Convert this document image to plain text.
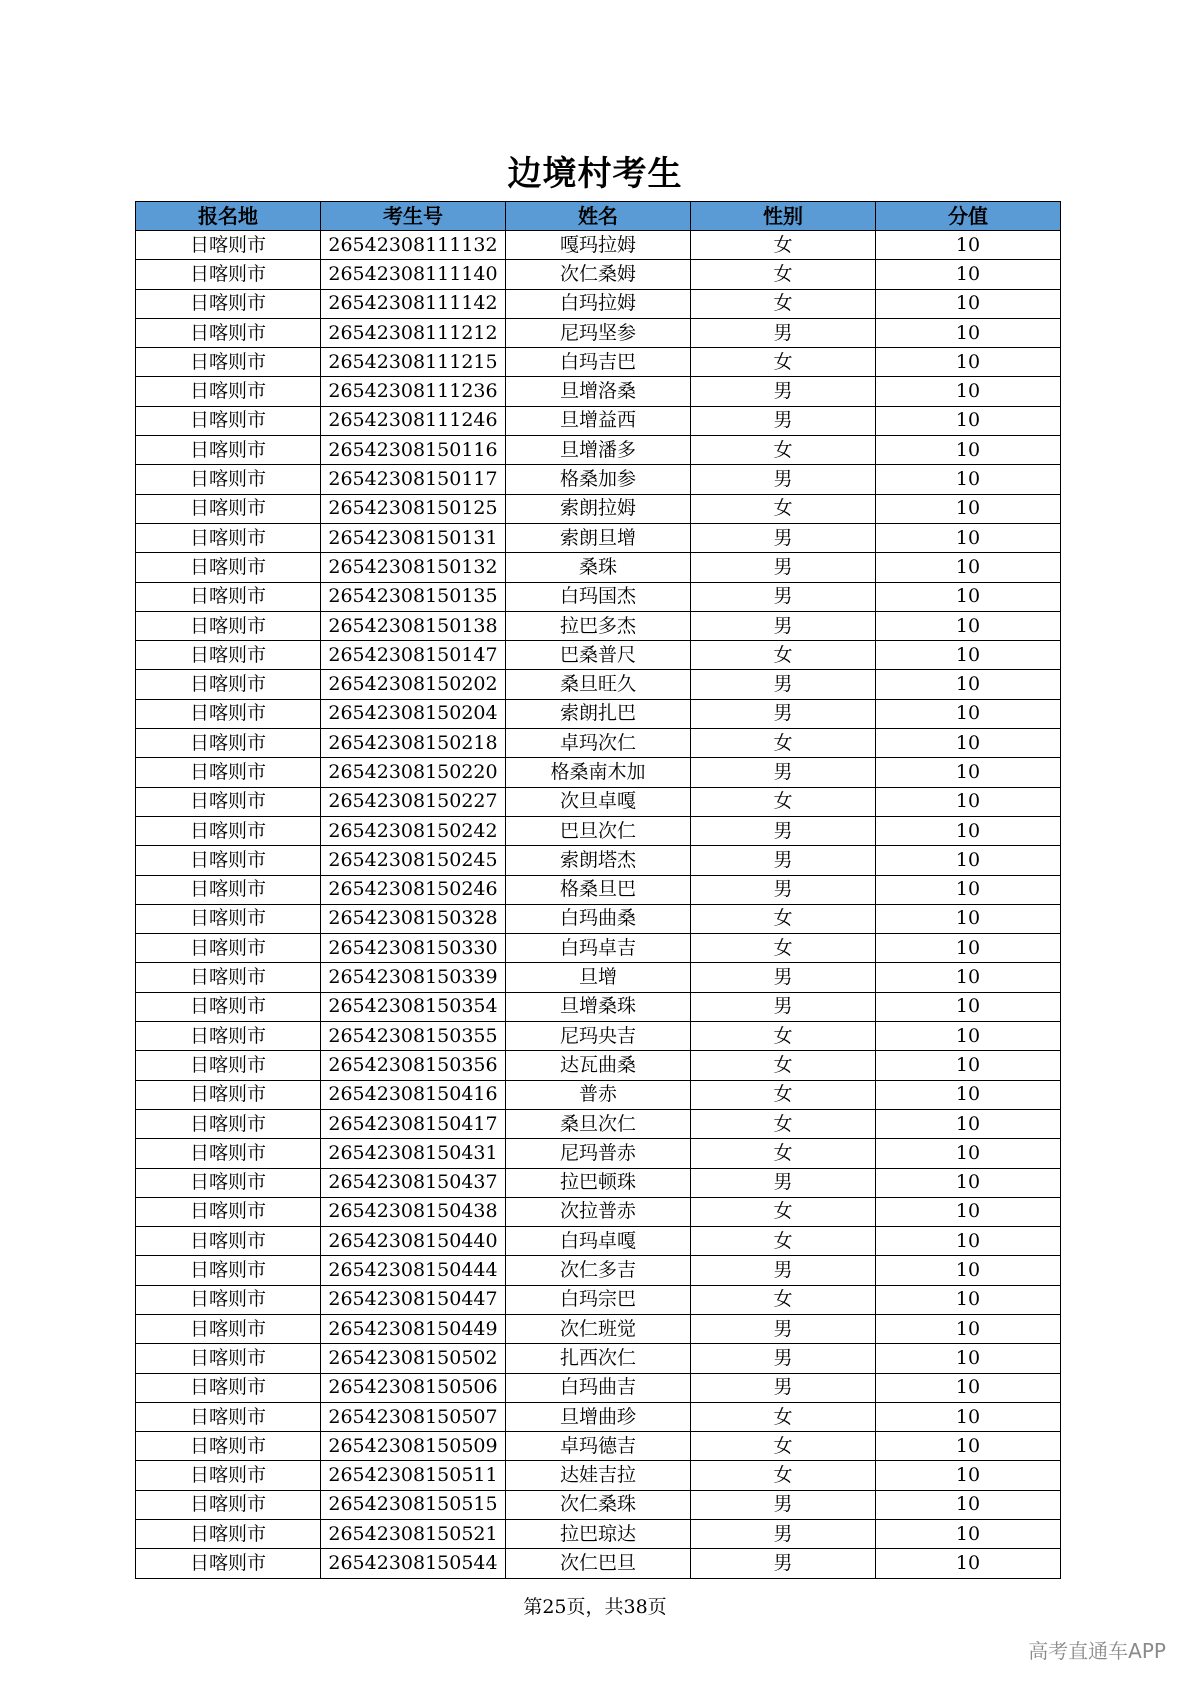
边境村考生
报名地	考生号	姓名	性别	分值
日喀则市	26542308111132	嘎玛拉姆	女	10
日喀则市	26542308111140	次仁桑姆	女	10
日喀则市	26542308111142	白玛拉姆	女	10
日喀则市	26542308111212	尼玛坚参	男	10
日喀则市	26542308111215	白玛吉巴	女	10
日喀则市	26542308111236	旦增洛桑	男	10
日喀则市	26542308111246	旦增益西	男	10
日喀则市	26542308150116	旦增潘多	女	10
日喀则市	26542308150117	格桑加参	男	10
日喀则市	26542308150125	索朗拉姆	女	10
日喀则市	26542308150131	索朗旦增	男	10
日喀则市	26542308150132	桑珠	男	10
日喀则市	26542308150135	白玛国杰	男	10
日喀则市	26542308150138	拉巴多杰	男	10
日喀则市	26542308150147	巴桑普尺	女	10
日喀则市	26542308150202	桑旦旺久	男	10
日喀则市	26542308150204	索朗扎巴	男	10
日喀则市	26542308150218	卓玛次仁	女	10
日喀则市	26542308150220	格桑南木加	男	10
日喀则市	26542308150227	次旦卓嘎	女	10
日喀则市	26542308150242	巴旦次仁	男	10
日喀则市	26542308150245	索朗塔杰	男	10
日喀则市	26542308150246	格桑旦巴	男	10
日喀则市	26542308150328	白玛曲桑	女	10
日喀则市	26542308150330	白玛卓吉	女	10
日喀则市	26542308150339	旦增	男	10
日喀则市	26542308150354	旦增桑珠	男	10
日喀则市	26542308150355	尼玛央吉	女	10
日喀则市	26542308150356	达瓦曲桑	女	10
日喀则市	26542308150416	普赤	女	10
日喀则市	26542308150417	桑旦次仁	女	10
日喀则市	26542308150431	尼玛普赤	女	10
日喀则市	26542308150437	拉巴顿珠	男	10
日喀则市	26542308150438	次拉普赤	女	10
日喀则市	26542308150440	白玛卓嘎	女	10
日喀则市	26542308150444	次仁多吉	男	10
日喀则市	26542308150447	白玛宗巴	女	10
日喀则市	26542308150449	次仁班觉	男	10
日喀则市	26542308150502	扎西次仁	男	10
日喀则市	26542308150506	白玛曲吉	男	10
日喀则市	26542308150507	旦增曲珍	女	10
日喀则市	26542308150509	卓玛德吉	女	10
日喀则市	26542308150511	达娃吉拉	女	10
日喀则市	26542308150515	次仁桑珠	男	10
日喀则市	26542308150521	拉巴琼达	男	10
日喀则市	26542308150544	次仁巴旦	男	10
第25页，共38页
高考直通车APP
